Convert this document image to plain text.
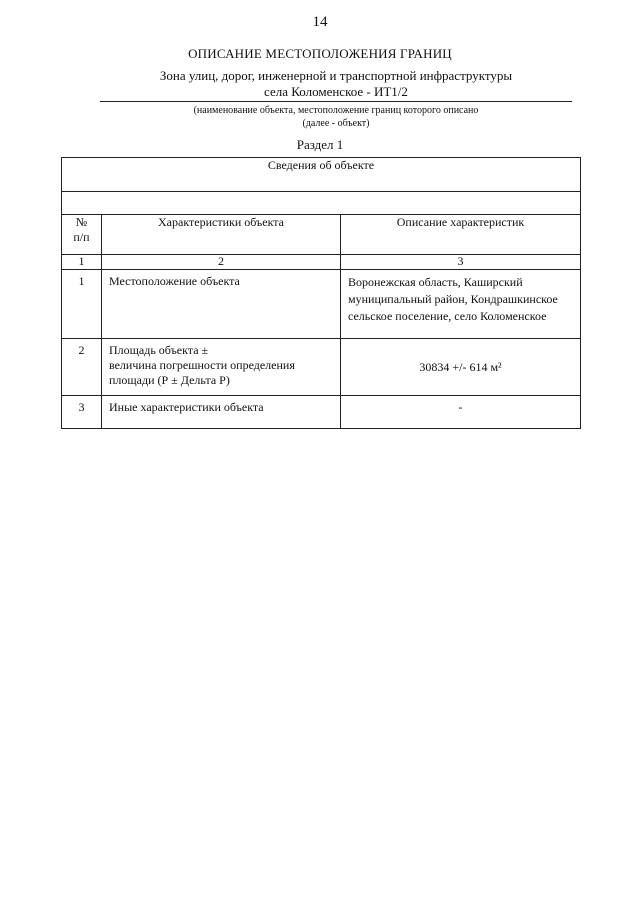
14
ОПИСАНИЕ МЕСТОПОЛОЖЕНИЯ ГРАНИЦ
Зона улиц, дорог, инженерной и транспортной инфраструктуры
села Коломенское - ИТ1/2
(наименование объекта, местоположение границ которого описано
(далее - объект)
Раздел 1
Сведения об объекте		

№
п/п	Характеристики объекта	Описание характеристик
1	2	3
1	Местоположение объекта	Воронежская область, Каширский
муниципальный район, Кондрашкинское
сельское поселение, село Коломенское

2	Площадь объекта ±
величина погрешности определения
площади (Р ± Дельта Р)	30834 +/- 614 м²
3	Иные характеристики объекта	-
